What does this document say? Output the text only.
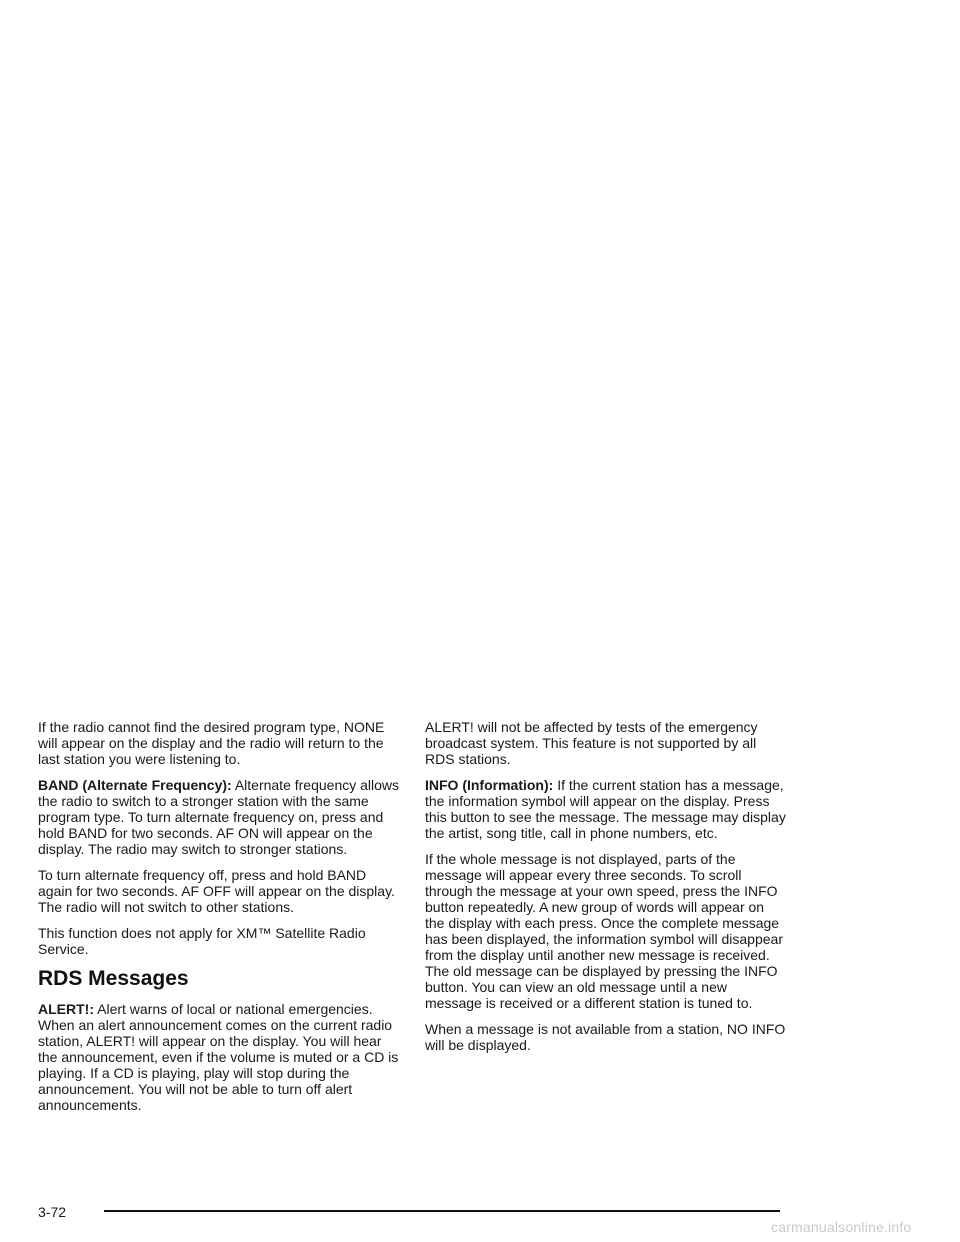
If the radio cannot find the desired program type, NONE will appear on the display and the radio will return to the last station you were listening to.

BAND (Alternate Frequency): Alternate frequency allows the radio to switch to a stronger station with the same program type. To turn alternate frequency on, press and hold BAND for two seconds. AF ON will appear on the display. The radio may switch to stronger stations.

To turn alternate frequency off, press and hold BAND again for two seconds. AF OFF will appear on the display. The radio will not switch to other stations.

This function does not apply for XM™ Satellite Radio Service.

RDS Messages

ALERT!: Alert warns of local or national emergencies. When an alert announcement comes on the current radio station, ALERT! will appear on the display. You will hear the announcement, even if the volume is muted or a CD is playing. If a CD is playing, play will stop during the announcement. You will not be able to turn off alert announcements.

ALERT! will not be affected by tests of the emergency broadcast system. This feature is not supported by all RDS stations.

INFO (Information): If the current station has a message, the information symbol will appear on the display. Press this button to see the message. The message may display the artist, song title, call in phone numbers, etc.

If the whole message is not displayed, parts of the message will appear every three seconds. To scroll through the message at your own speed, press the INFO button repeatedly. A new group of words will appear on the display with each press. Once the complete message has been displayed, the information symbol will disappear from the display until another new message is received. The old message can be displayed by pressing the INFO button. You can view an old message until a new message is received or a different station is tuned to.

When a message is not available from a station, NO INFO will be displayed.

3-72
carmanualsonline.info
